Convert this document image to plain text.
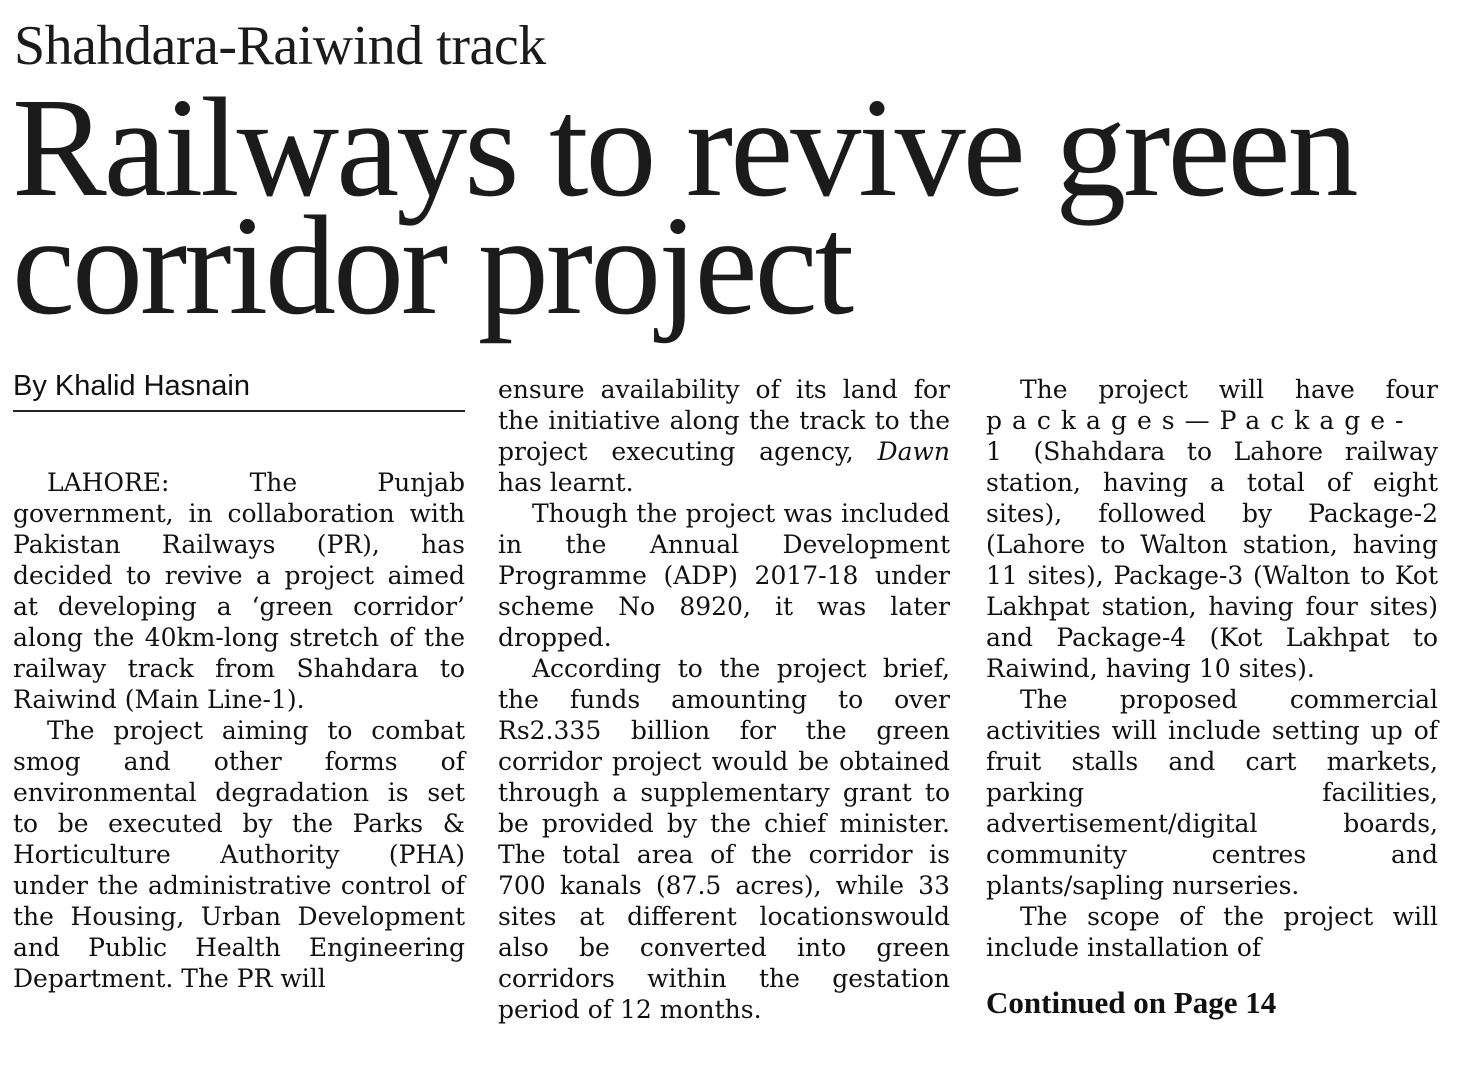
Shahdara-Raiwind track
Railways to revive green corridor project
By Khalid Hasnain

LAHORE: The Punjab government, in collaboration with Pakistan Railways (PR), has decided to revive a project aimed at developing a ‘green corridor’ along the 40km-long stretch of the railway track from Shahdara to Raiwind (Main Line-1).

The project aiming to combat smog and other forms of environmental degradation is set to be executed by the Parks & Horticulture Authority (PHA) under the administrative control of the Housing, Urban Development and Public Health Engineering Department. The PR will

ensure availability of its land for the initiative along the track to the project executing agency, Dawn has learnt.

Though the project was included in the Annual Development Programme (ADP) 2017-18 under scheme No 8920, it was later dropped.

According to the project brief, the funds amounting to over Rs2.335 billion for the green corridor project would be obtained through a supplementary grant to be provided by the chief minister. The total area of the corridor is 700 kanals (87.5 acres), while 33 sites at different locationswould also be converted into green corridors within the gestation period of 12 months.

The project will have four packages—Package-1 (Shahdara to Lahore railway station, having a total of eight sites), followed by Package-2 (Lahore to Walton station, having 11 sites), Package-3 (Walton to Kot Lakhpat station, having four sites) and Package-4 (Kot Lakhpat to Raiwind, having 10 sites).

The proposed commercial activities will include setting up of fruit stalls and cart markets, parking facilities, advertisement/digital boards, community centres and plants/sapling nurseries.

The scope of the project will include installation of

Continued on Page 14
